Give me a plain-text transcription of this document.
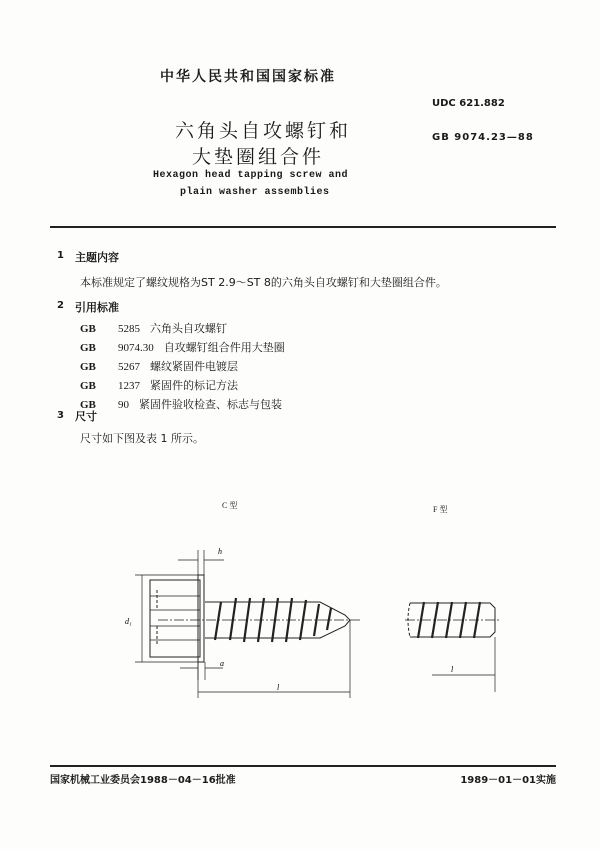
中华人民共和国国家标准
UDC 621.882
GB 9074.23—88
六角头自攻螺钉和
大垫圈组合件
Hexagon head tapping screw and
plain washer assemblies
1 主题内容
本标准规定了螺纹规格为ST 2.9～ST 8的六角头自攻螺钉和大垫圈组合件。
2 引用标准
GB 5285 六角头自攻螺钉
GB 9074.30 自攻螺钉组合件用大垫圈
GB 5267 螺纹紧固件电镀层
GB 1237 紧固件的标记方法
GB 90 紧固件验收检查、标志与包装
3 尺寸
尺寸如下图及表 1 所示。
C 型	F 型
d₁
h
a
l
l
国家机械工业委员会1988－04－16批准	1989－01－01实施
